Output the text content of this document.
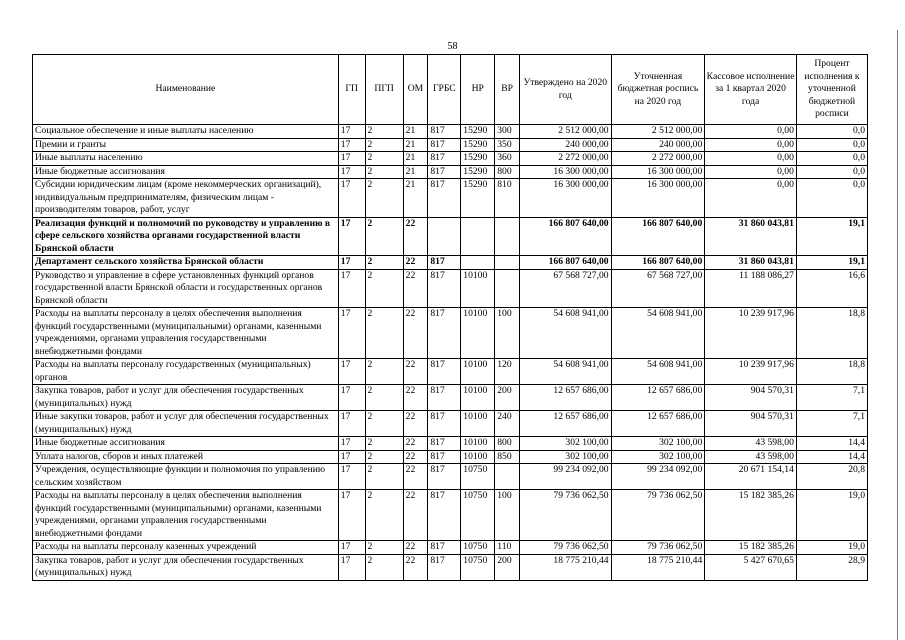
58
Наименование	ГП	ПГП	ОМ	ГРБС	НР	ВР	Утверждено на 2020 год	Уточненная бюджетная роспись на 2020 год	Кассовое исполнение за 1 квартал 2020 года	Процент исполнения к уточненной бюджетной росписи
Социальное обеспечение и иные выплаты населению	17	2	21	817	15290	300	2 512 000,00	2 512 000,00	0,00	0,0
Премии и гранты	17	2	21	817	15290	350	240 000,00	240 000,00	0,00	0,0
Иные выплаты населению	17	2	21	817	15290	360	2 272 000,00	2 272 000,00	0,00	0,0
Иные бюджетные ассигнования	17	2	21	817	15290	800	16 300 000,00	16 300 000,00	0,00	0,0
Субсидии юридическим лицам (кроме некоммерческих организаций), индивидуальным предпринимателям, физическим лицам - производителям товаров, работ, услуг	17	2	21	817	15290	810	16 300 000,00	16 300 000,00	0,00	0,0
Реализация функций и полномочий по руководству и управлению в сфере сельского хозяйства органами государственной власти Брянской области	17	2	22				166 807 640,00	166 807 640,00	31 860 043,81	19,1
Департамент сельского хозяйства Брянской области	17	2	22	817			166 807 640,00	166 807 640,00	31 860 043,81	19,1
Руководство и управление в сфере установленных функций органов государственной власти Брянской области и государственных органов Брянской области	17	2	22	817	10100		67 568 727,00	67 568 727,00	11 188 086,27	16,6
Расходы на выплаты персоналу в целях обеспечения выполнения функций государственными (муниципальными) органами, казенными учреждениями, органами управления государственными внебюджетными фондами	17	2	22	817	10100	100	54 608 941,00	54 608 941,00	10 239 917,96	18,8
Расходы на выплаты персоналу государственных (муниципальных) органов	17	2	22	817	10100	120	54 608 941,00	54 608 941,00	10 239 917,96	18,8
Закупка товаров, работ и услуг для обеспечения государственных (муниципальных) нужд	17	2	22	817	10100	200	12 657 686,00	12 657 686,00	904 570,31	7,1
Иные закупки товаров, работ и услуг для обеспечения государственных (муниципальных) нужд	17	2	22	817	10100	240	12 657 686,00	12 657 686,00	904 570,31	7,1
Иные бюджетные ассигнования	17	2	22	817	10100	800	302 100,00	302 100,00	43 598,00	14,4
Уплата налогов, сборов и иных платежей	17	2	22	817	10100	850	302 100,00	302 100,00	43 598,00	14,4
Учреждения, осуществляющие функции и полномочия по управлению сельским хозяйством	17	2	22	817	10750		99 234 092,00	99 234 092,00	20 671 154,14	20,8
Расходы на выплаты персоналу в целях обеспечения выполнения функций государственными (муниципальными) органами, казенными учреждениями, органами управления государственными внебюджетными фондами	17	2	22	817	10750	100	79 736 062,50	79 736 062,50	15 182 385,26	19,0
Расходы на выплаты персоналу казенных учреждений	17	2	22	817	10750	110	79 736 062,50	79 736 062,50	15 182 385,26	19,0
Закупка товаров, работ и услуг для обеспечения государственных (муниципальных) нужд	17	2	22	817	10750	200	18 775 210,44	18 775 210,44	5 427 670,65	28,9
